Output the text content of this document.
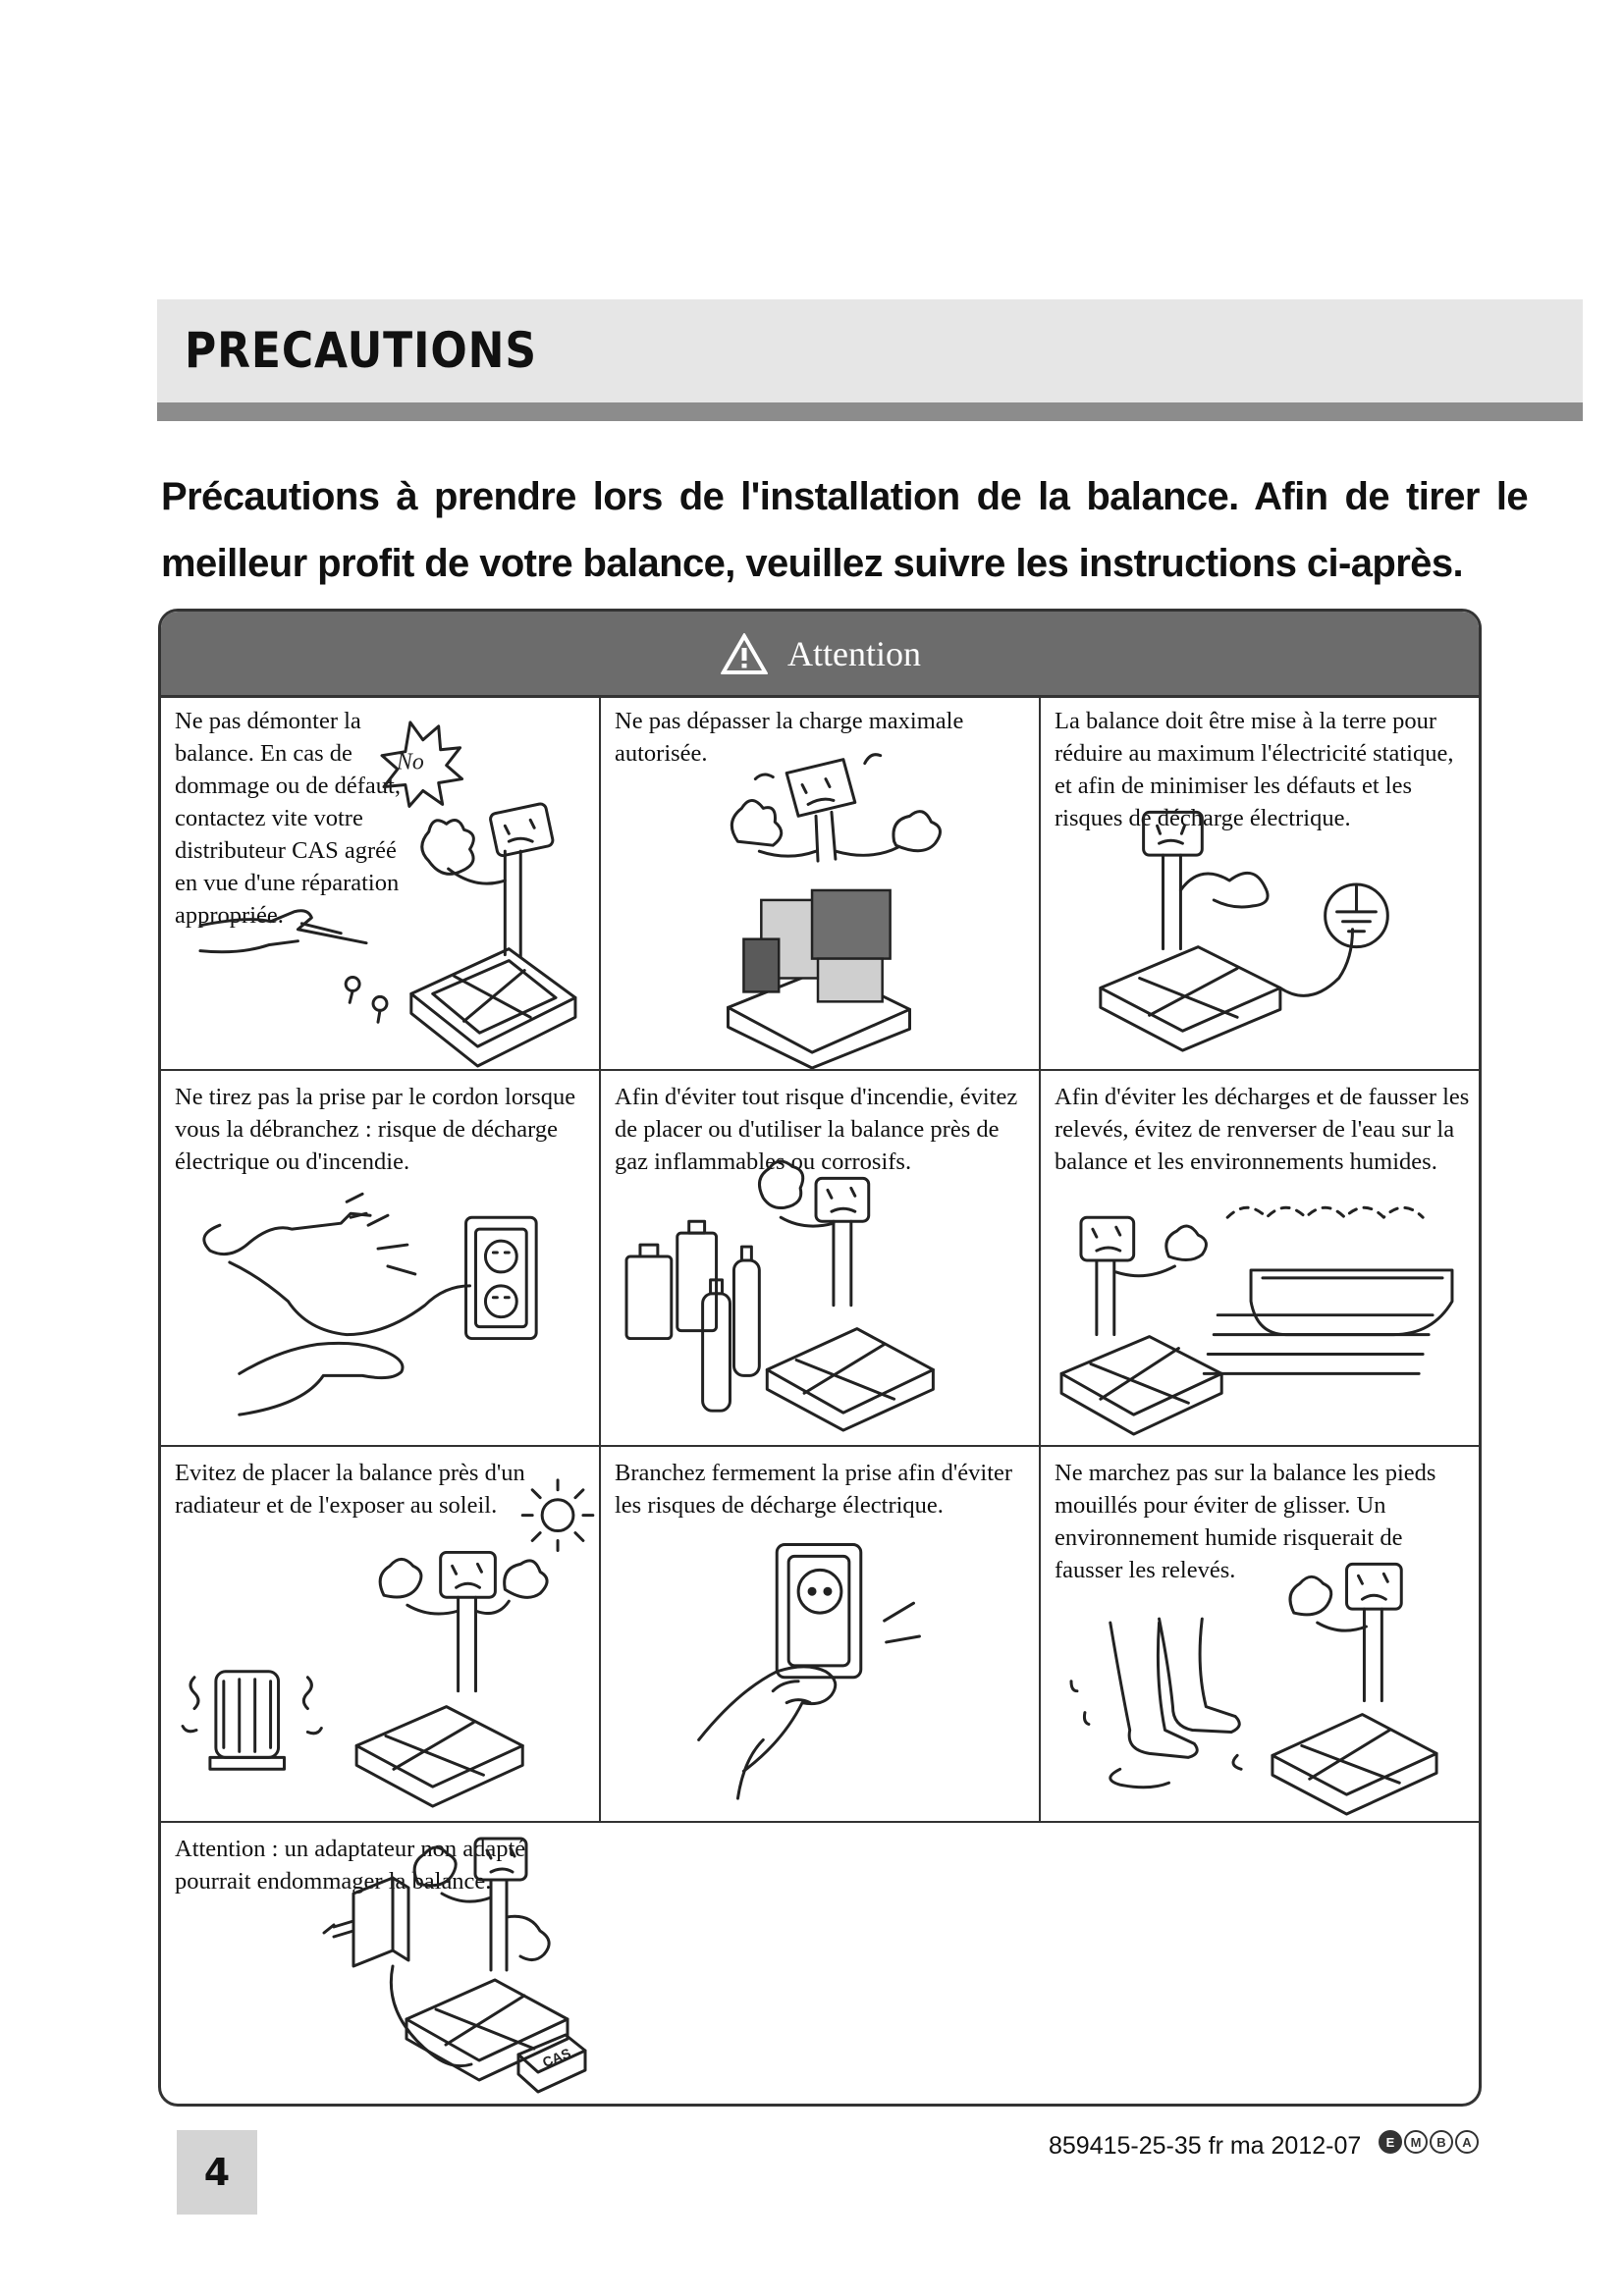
PRECAUTIONS

Précautions à prendre lors de l'installation de la balance. Afin de tirer le meilleur profit de votre balance, veuillez suivre les instructions ci-après.

Attention

Ne pas démonter la balance. En cas de dommage ou de défaut, contactez vite votre distributeur CAS agréé en vue d'une réparation appropriée.

No

Ne pas dépasser la charge maximale autorisée.

La balance doit être mise à la terre pour réduire au maximum l'électricité statique, et afin de minimiser les défauts et les risques de décharge électrique.

Ne tirez pas la prise par le cordon lorsque vous la débranchez : risque de décharge électrique ou d'incendie.

Afin d'éviter tout risque d'incendie, évitez de placer ou d'utiliser la balance près de gaz inflammables ou corrosifs.

Afin d'éviter les décharges et de fausser les relevés, évitez de renverser de l'eau sur la balance et les environnements humides.

Evitez de placer la balance près d'un radiateur et de l'exposer au soleil.

Branchez fermement la prise afin d'éviter les risques de décharge électrique.

Ne marchez pas sur la balance les pieds mouillés pour éviter de glisser. Un environnement humide risquerait de fausser les relevés.

Attention : un adaptateur non adapté pourrait endommager la balance.

CAS
4
859415-25-35 fr ma 2012-07	E	M	B	A
